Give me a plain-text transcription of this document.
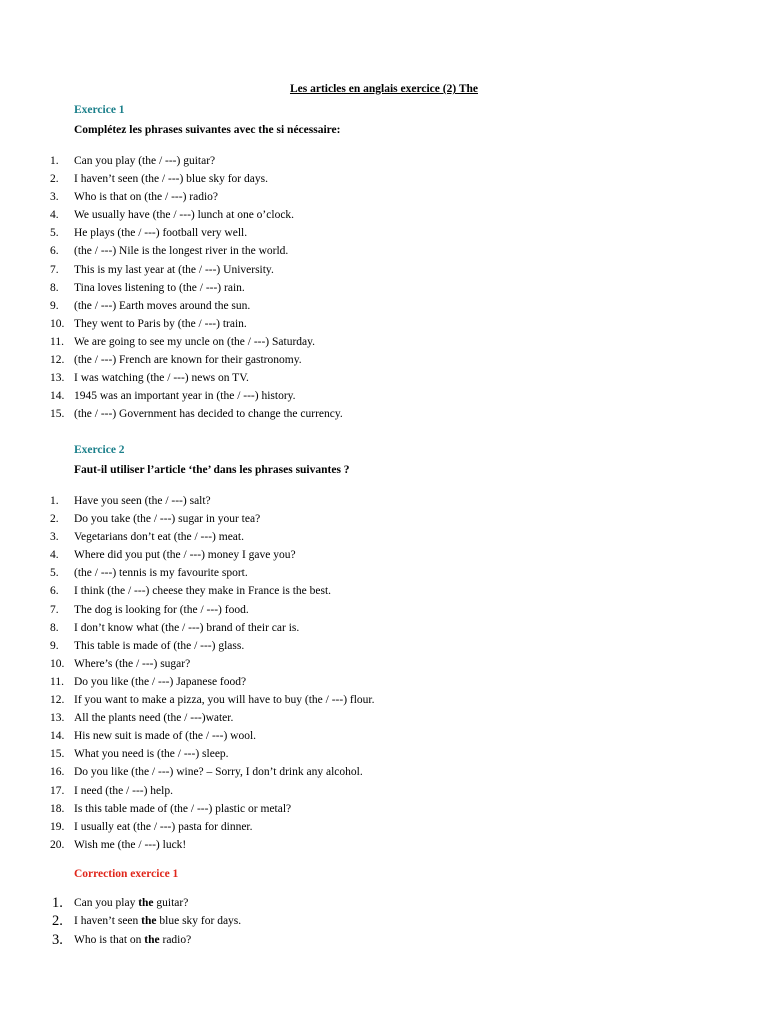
Les articles en anglais exercice (2) The
Exercice 1
Complétez les phrases suivantes avec the si nécessaire:
1. Can you play (the / ---) guitar?
2. I haven’t seen (the / ---) blue sky for days.
3. Who is that on (the / ---) radio?
4. We usually have (the / ---) lunch at one o’clock.
5. He plays (the / ---) football very well.
6. (the / ---) Nile is the longest river in the world.
7. This is my last year at (the / ---) University.
8. Tina loves listening to (the / ---) rain.
9. (the / ---) Earth moves around the sun.
10. They went to Paris by (the / ---) train.
11. We are going to see my uncle on (the / ---) Saturday.
12. (the / ---) French are known for their gastronomy.
13. I was watching (the / ---) news on TV.
14. 1945 was an important year in (the / ---) history.
15. (the / ---) Government has decided to change the currency.
Exercice 2
Faut-il utiliser l’article ‘the’ dans les phrases suivantes ?
1. Have you seen (the / ---) salt?
2. Do you take (the / ---) sugar in your tea?
3. Vegetarians don’t eat (the / ---) meat.
4. Where did you put (the / ---) money I gave you?
5. (the / ---) tennis is my favourite sport.
6. I think (the / ---) cheese they make in France is the best.
7. The dog is looking for (the / ---) food.
8. I don’t know what (the / ---) brand of their car is.
9. This table is made of (the / ---) glass.
10. Where’s (the / ---) sugar?
11. Do you like (the / ---) Japanese food?
12. If you want to make a pizza, you will have to buy (the / ---) flour.
13. All the plants need (the / ---)water.
14. His new suit is made of (the / ---) wool.
15. What you need is (the / ---) sleep.
16. Do you like (the / ---) wine? – Sorry, I don’t drink any alcohol.
17. I need (the / ---) help.
18. Is this table made of (the / ---) plastic or metal?
19. I usually eat (the / ---) pasta for dinner.
20. Wish me (the / ---) luck!
Correction exercice 1
1. Can you play the guitar?
2. I haven’t seen the blue sky for days.
3. Who is that on the radio?
